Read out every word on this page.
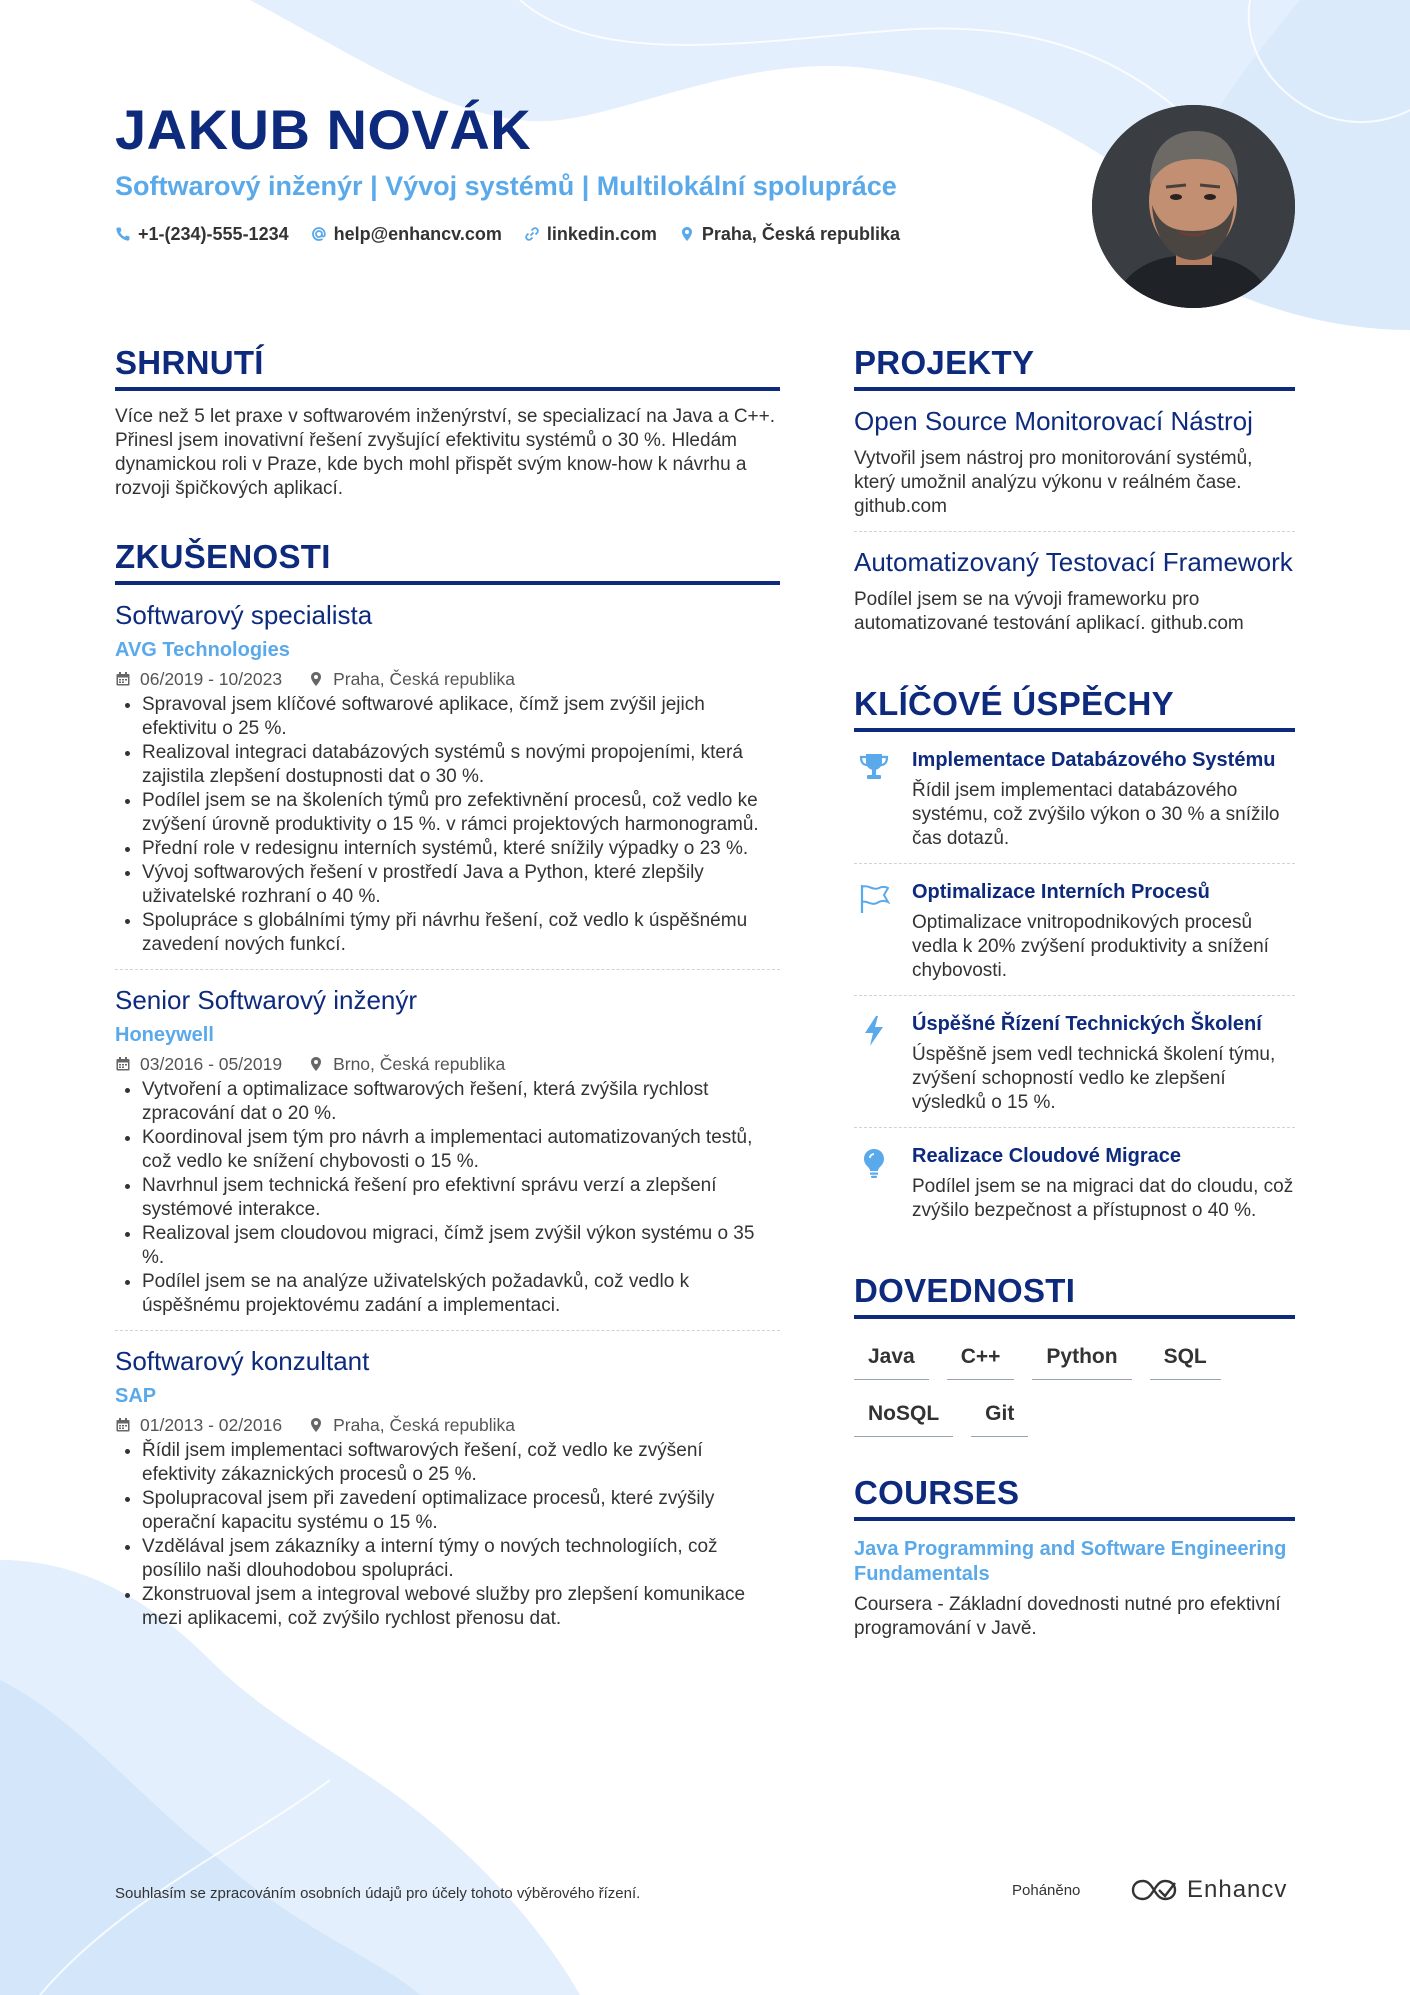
JAKUB NOVÁK
Softwarový inženýr | Vývoj systémů | Multilokální spolupráce
+1-(234)-555-1234	help@enhancv.com	linkedin.com	Praha, Česká republika
SHRNUTÍ
Více než 5 let praxe v softwarovém inženýrství, se specializací na Java a C++. Přinesl jsem inovativní řešení zvyšující efektivitu systémů o 30 %. Hledám dynamickou roli v Praze, kde bych mohl přispět svým know-how k návrhu a rozvoji špičkových aplikací.
ZKUŠENOSTI
Softwarový specialista
AVG Technologies
06/2019 - 10/2023	Praha, Česká republika
Spravoval jsem klíčové softwarové aplikace, čímž jsem zvýšil jejich efektivitu o 25 %.
Realizoval integraci databázových systémů s novými propojeními, která zajistila zlepšení dostupnosti dat o 30 %.
Podílel jsem se na školeních týmů pro zefektivnění procesů, což vedlo ke zvýšení úrovně produktivity o 15 %. v rámci projektových harmonogramů.
Přední role v redesignu interních systémů, které snížily výpadky o 23 %.
Vývoj softwarových řešení v prostředí Java a Python, které zlepšily uživatelské rozhraní o 40 %.
Spolupráce s globálními týmy při návrhu řešení, což vedlo k úspěšnému zavedení nových funkcí.
Senior Softwarový inženýr
Honeywell
03/2016 - 05/2019	Brno, Česká republika
Vytvoření a optimalizace softwarových řešení, která zvýšila rychlost zpracování dat o 20 %.
Koordinoval jsem tým pro návrh a implementaci automatizovaných testů, což vedlo ke snížení chybovosti o 15 %.
Navrhnul jsem technická řešení pro efektivní správu verzí a zlepšení systémové interakce.
Realizoval jsem cloudovou migraci, čímž jsem zvýšil výkon systému o 35 %.
Podílel jsem se na analýze uživatelských požadavků, což vedlo k úspěšnému projektovému zadání a implementaci.
Softwarový konzultant
SAP
01/2013 - 02/2016	Praha, Česká republika
Řídil jsem implementaci softwarových řešení, což vedlo ke zvýšení efektivity zákaznických procesů o 25 %.
Spolupracoval jsem při zavedení optimalizace procesů, které zvýšily operační kapacitu systému o 15 %.
Vzdělával jsem zákazníky a interní týmy o nových technologiích, což posílilo naši dlouhodobou spolupráci.
Zkonstruoval jsem a integroval webové služby pro zlepšení komunikace mezi aplikacemi, což zvýšilo rychlost přenosu dat.
PROJEKTY
Open Source Monitorovací Nástroj
Vytvořil jsem nástroj pro monitorování systémů, který umožnil analýzu výkonu v reálném čase. github.com
Automatizovaný Testovací Framework
Podílel jsem se na vývoji frameworku pro automatizované testování aplikací. github.com
KLÍČOVÉ ÚSPĚCHY
Implementace Databázového Systému
Řídil jsem implementaci databázového systému, což zvýšilo výkon o 30 % a snížilo čas dotazů.
Optimalizace Interních Procesů
Optimalizace vnitropodnikových procesů vedla k 20% zvýšení produktivity a snížení chybovosti.
Úspěšné Řízení Technických Školení
Úspěšně jsem vedl technická školení týmu, zvýšení schopností vedlo ke zlepšení výsledků o 15 %.
Realizace Cloudové Migrace
Podílel jsem se na migraci dat do cloudu, což zvýšilo bezpečnost a přístupnost o 40 %.
DOVEDNOSTI
Java	C++	Python	SQL
NoSQL	Git
COURSES
Java Programming and Software Engineering Fundamentals
Coursera - Základní dovednosti nutné pro efektivní programování v Javě.
Souhlasím se zpracováním osobních údajů pro účely tohoto výběrového řízení.	Poháněno	Enhancv
